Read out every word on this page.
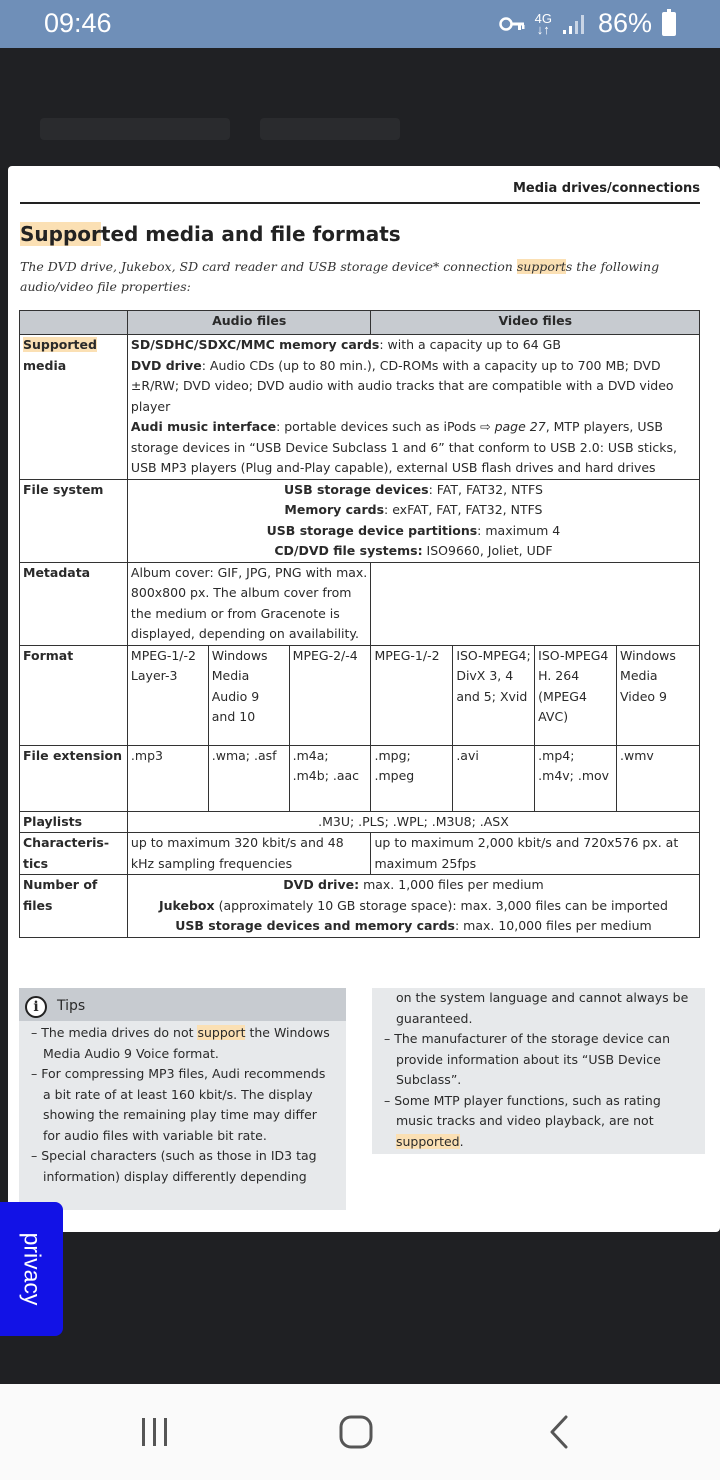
09:46	4G
↓↑ 86%
Media drives/connections
Supported media and file formats
The DVD drive, Jukebox, SD card reader and USB storage device* connection supports the following audio/video file properties:
	Audio files			Video files			
Supported
media	SD/SDHC/SDXC/MMC memory cards: with a capacity up to 64 GB
DVD drive: Audio CDs (up to 80 min.), CD-ROMs with a capacity up to 700 MB; DVD ±R/RW; DVD video; DVD audio with audio tracks that are compatible with a DVD video player
Audi music interface: portable devices such as iPods ⇨ page 27, MTP players, USB storage devices in “USB Device Subclass 1 and 6” that conform to USB 2.0: USB sticks, USB MP3 players (Plug and-Play capable), external USB flash drives and hard drives						
File system	USB storage devices: FAT, FAT32, NTFS
Memory cards: exFAT, FAT, FAT32, NTFS
USB storage device partitions: maximum 4
CD/DVD file systems: ISO9660, Joliet, UDF						
Metadata	Album cover: GIF, JPG, PNG with max. 800x800 px. The album cover from the medium or from Gracenote is displayed, depending on availability.						
Format	MPEG-1/-2 Layer-3	Windows Media Audio 9 and 10	MPEG-2/-4	MPEG-1/-2	ISO-MPEG4; DivX 3, 4 and 5; Xvid	ISO-MPEG4 H. 264 (MPEG4 AVC)	Windows Media Video 9
File extension	.mp3	.wma; .asf	.m4a; .m4b; .aac	.mpg; .mpeg	.avi	.mp4; .m4v; .mov	.wmv
Playlists	.M3U; .PLS; .WPL; .M3U8; .ASX						
Characteris-tics	up to maximum 320 kbit/s and 48 kHz sampling frequencies			up to maximum 2,000 kbit/s and 720x576 px. at maximum 25fps			
Number of files	DVD drive: max. 1,000 files per medium
Jukebox (approximately 10 GB storage space): max. 3,000 files can be imported
USB storage devices and memory cards: max. 10,000 files per medium						
i	Tips
– The media drives do not support the Windows Media Audio 9 Voice format.
– For compressing MP3 files, Audi recommends a bit rate of at least 160 kbit/s. The display showing the remaining play time may differ for audio files with variable bit rate.
– Special characters (such as those in ID3 tag information) display differently depending
on the system language and cannot always be guaranteed.
– The manufacturer of the storage device can provide information about its “USB Device Subclass”.
– Some MTP player functions, such as rating music tracks and video playback, are not supported.
privacy
